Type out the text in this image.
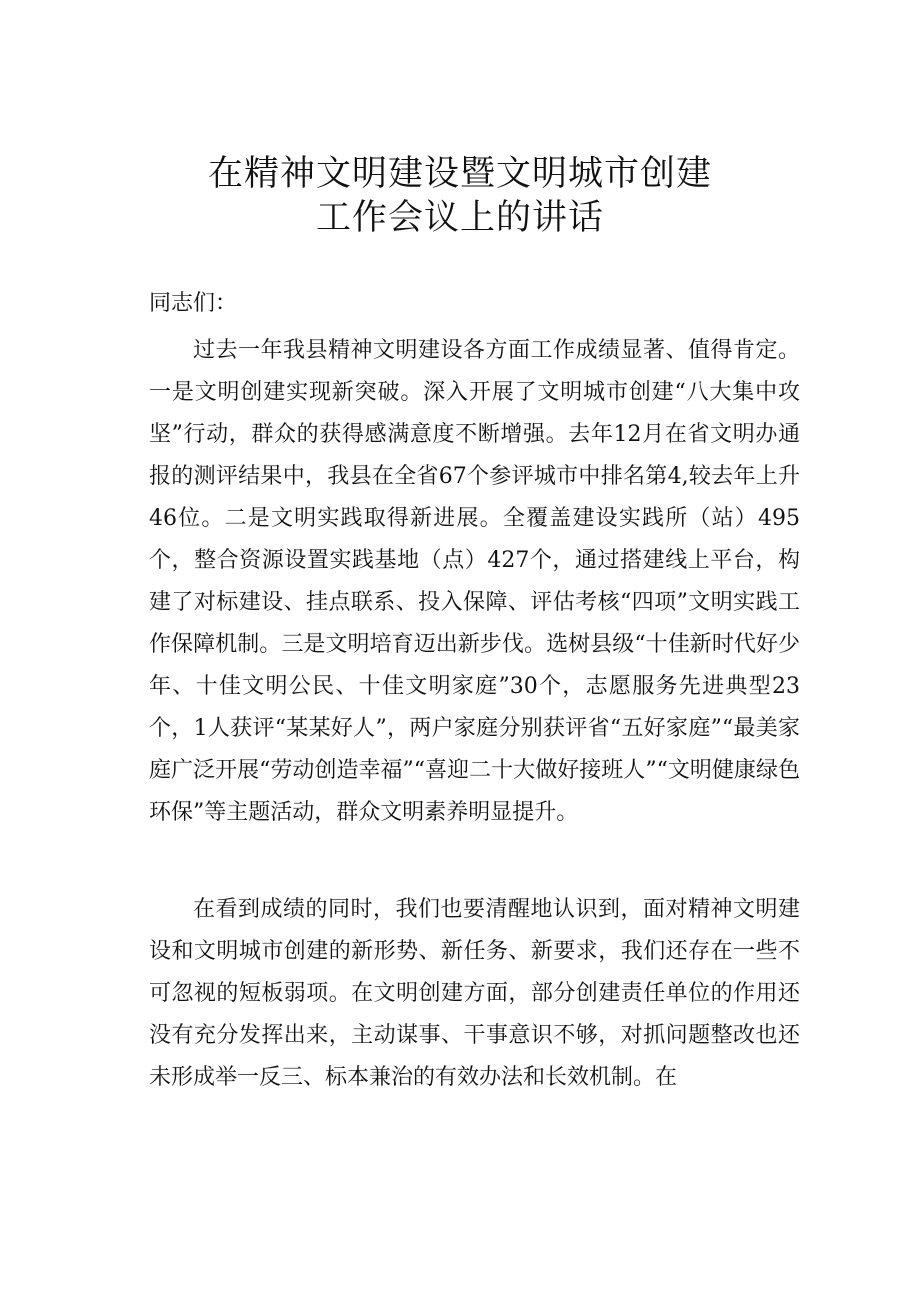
在精神文明建设暨文明城市创建
工作会议上的讲话

同志们：

过去一年我县精神文明建设各方面工作成绩显著、值得肯定。一是文明创建实现新突破。深入开展了文明城市创建“八大集中攻坚”行动，群众的获得感满意度不断增强。去年12月在省文明办通报的测评结果中，我县在全省67个参评城市中排名第4,较去年上升46位。二是文明实践取得新进展。全覆盖建设实践所（站）495个，整合资源设置实践基地（点）427个，通过搭建线上平台，构建了对标建设、挂点联系、投入保障、评估考核“四项”文明实践工作保障机制。三是文明培育迈出新步伐。选树县级“十佳新时代好少年、十佳文明公民、十佳文明家庭”30个，志愿服务先进典型23个，1人获评“某某好人”，两户家庭分别获评省“五好家庭”“最美家庭广泛开展“劳动创造幸福”“喜迎二十大做好接班人”“文明健康绿色环保”等主题活动，群众文明素养明显提升。

在看到成绩的同时，我们也要清醒地认识到，面对精神文明建设和文明城市创建的新形势、新任务、新要求，我们还存在一些不可忽视的短板弱项。在文明创建方面，部分创建责任单位的作用还没有充分发挥出来，主动谋事、干事意识不够，对抓问题整改也还未形成举一反三、标本兼治的有效办法和长效机制。在
